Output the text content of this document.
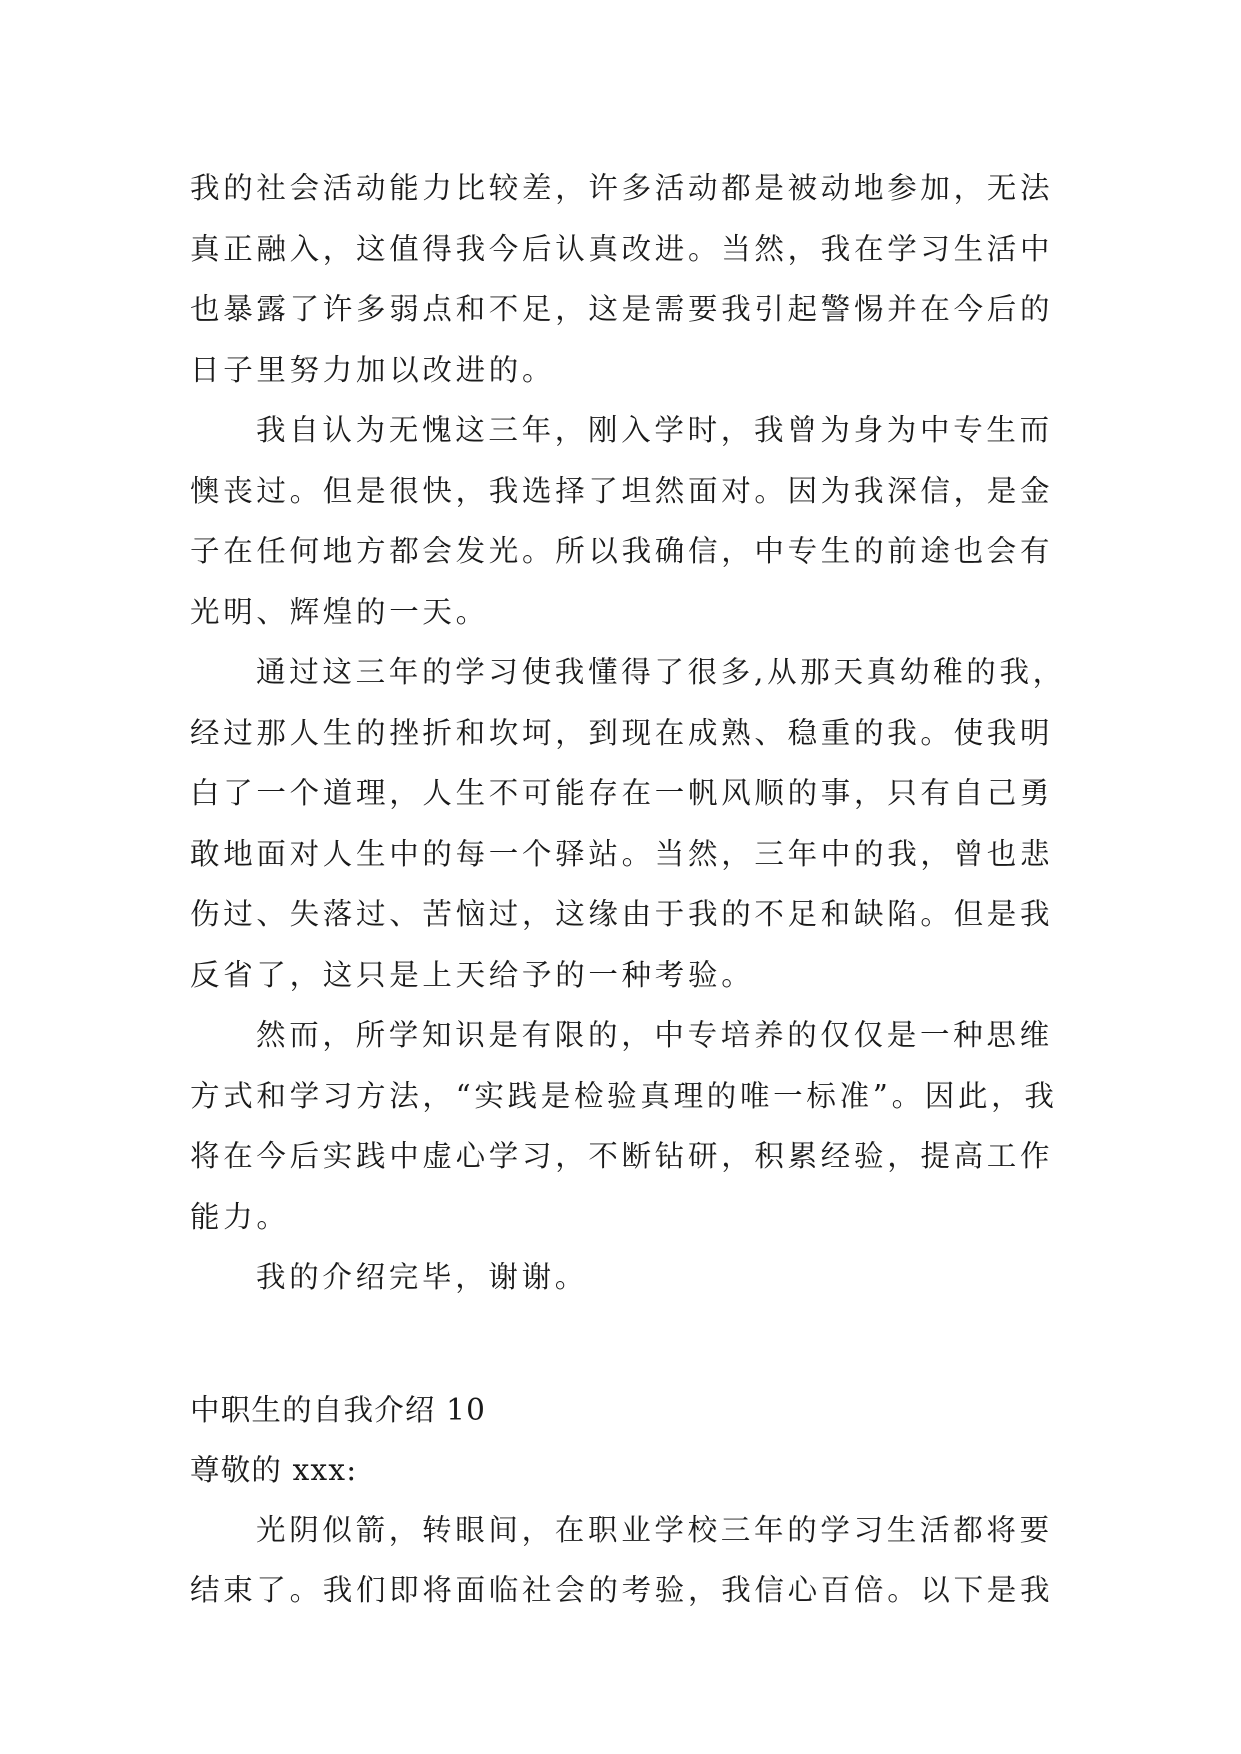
我的社会活动能力比较差，许多活动都是被动地参加，无法
真正融入，这值得我今后认真改进。当然，我在学习生活中
也暴露了许多弱点和不足，这是需要我引起警惕并在今后的
日子里努力加以改进的。

我自认为无愧这三年，刚入学时，我曾为身为中专生而
懊丧过。但是很快，我选择了坦然面对。因为我深信，是金
子在任何地方都会发光。所以我确信，中专生的前途也会有
光明、辉煌的一天。

通过这三年的学习使我懂得了很多,从那天真幼稚的我，
经过那人生的挫折和坎坷，到现在成熟、稳重的我。使我明
白了一个道理，人生不可能存在一帆风顺的事，只有自己勇
敢地面对人生中的每一个驿站。当然，三年中的我，曾也悲
伤过、失落过、苦恼过，这缘由于我的不足和缺陷。但是我
反省了，这只是上天给予的一种考验。

然而，所学知识是有限的，中专培养的仅仅是一种思维
方式和学习方法，“实践是检验真理的唯一标准”。因此，我
将在今后实践中虚心学习，不断钻研，积累经验，提高工作
能力。

我的介绍完毕，谢谢。

中职生的自我介绍 10

尊敬的 xxx:

光阴似箭，转眼间，在职业学校三年的学习生活都将要
结束了。我们即将面临社会的考验，我信心百倍。以下是我
